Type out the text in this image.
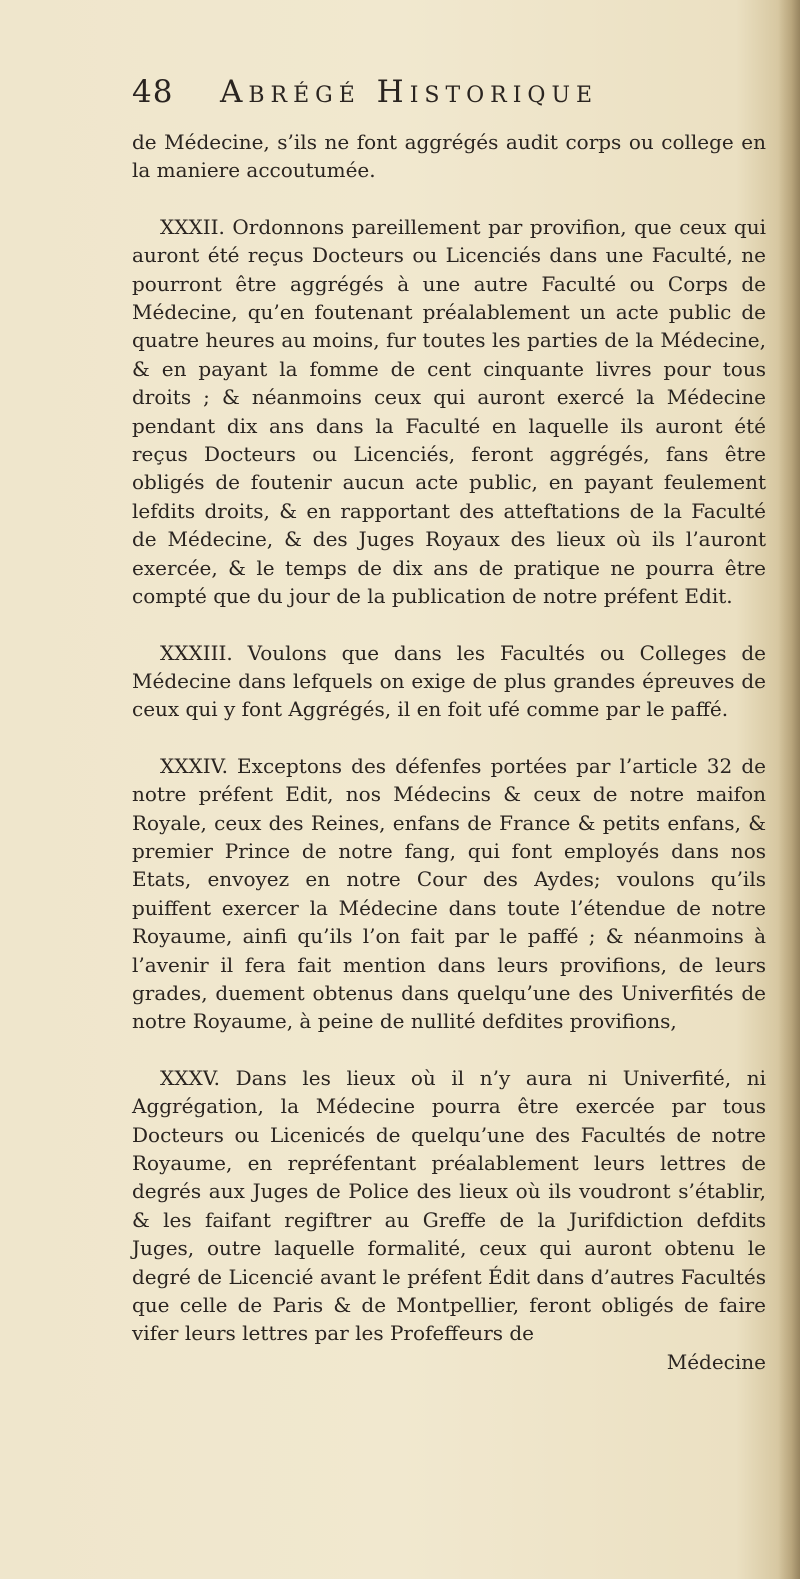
48	Abrégé Historique

de Médecine, s’ils ne font aggrégés audit corps ou college en la maniere accoutumée.

XXXII. Ordonnons pareillement par provifion, que ceux qui auront été reçus Docteurs ou Licenciés dans une Faculté, ne pourront être aggrégés à une autre Faculté ou Corps de Médecine, qu’en foutenant préalablement un acte public de quatre heures au moins, fur toutes les parties de la Médecine, & en payant la fomme de cent cinquante livres pour tous droits ; & néanmoins ceux qui auront exercé la Médecine pendant dix ans dans la Faculté en laquelle ils auront été reçus Docteurs ou Licenciés, feront aggrégés, fans être obligés de foutenir aucun acte public, en payant feulement lefdits droits, & en rapportant des atteftations de la Faculté de Médecine, & des Juges Royaux des lieux où ils l’auront exercée, & le temps de dix ans de pratique ne pourra être compté que du jour de la publication de notre préfent Edit.

XXXIII. Voulons que dans les Facultés ou Colleges de Médecine dans lefquels on exige de plus grandes épreuves de ceux qui y font Aggrégés, il en foit ufé comme par le paffé.

XXXIV. Exceptons des défenfes portées par l’article 32 de notre préfent Edit, nos Médecins & ceux de notre maifon Royale, ceux des Reines, enfans de France & petits enfans, & premier Prince de notre fang, qui font employés dans nos Etats, envoyez en notre Cour des Aydes; voulons qu’ils puiffent exercer la Médecine dans toute l’étendue de notre Royaume, ainfi qu’ils l’on fait par le paffé ; & néanmoins à l’avenir il fera fait mention dans leurs provifions, de leurs grades, duement obtenus dans quelqu’une des Univerfités de notre Royaume, à peine de nullité defdites provifions,

XXXV. Dans les lieux où il n’y aura ni Univerfité, ni Aggrégation, la Médecine pourra être exercée par tous Docteurs ou Licenicés de quelqu’une des Facultés de notre Royaume, en repréfentant préalablement leurs lettres de degrés aux Juges de Police des lieux où ils voudront s’établir, & les faifant regiftrer au Greffe de la Jurifdiction defdits Juges, outre laquelle formalité, ceux qui auront obtenu le degré de Licencié avant le préfent Édit dans d’autres Facultés que celle de Paris & de Montpellier, feront obligés de faire vifer leurs lettres par les Profeffeurs de

Médecine
